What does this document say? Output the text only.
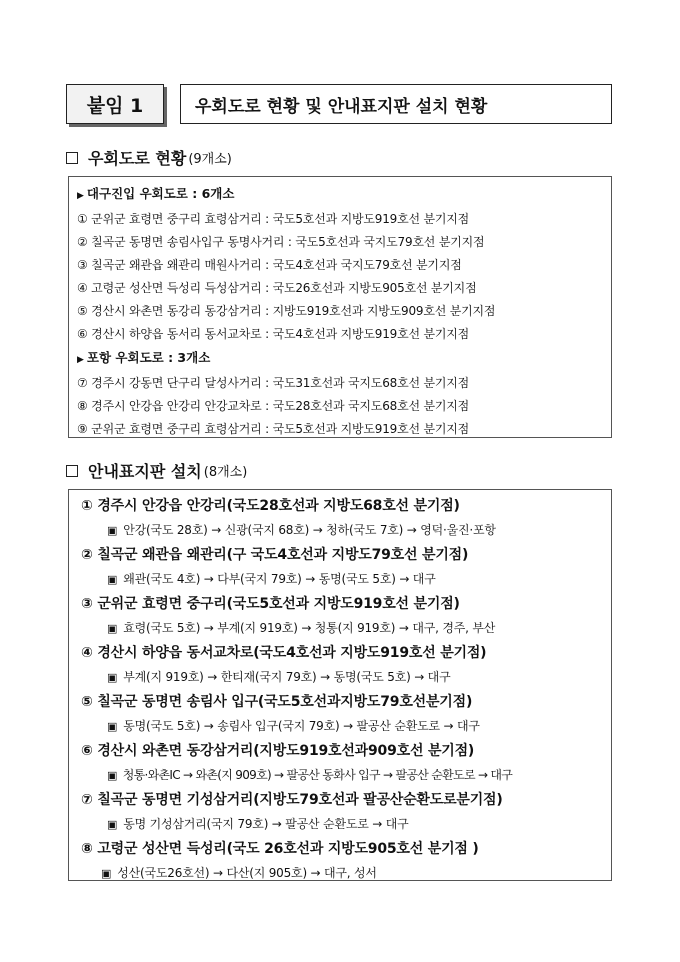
붙임 1	우회도로 현황 및 안내표지판 설치 현황
우회도로 현황 (9개소)
▶ 대구진입 우회도로 : 6개소
① 군위군 효령면 중구리 효령삼거리 : 국도5호선과 지방도919호선 분기지점
② 칠곡군 동명면 송림사입구 동명사거리 : 국도5호선과 국지도79호선 분기지점
③ 칠곡군 왜관읍 왜관리 매원사거리 : 국도4호선과 국지도79호선 분기지점
④ 고령군 성산면 득성리 득성삼거리 : 국도26호선과 지방도905호선 분기지점
⑤ 경산시 와촌면 동강리 동강삼거리 : 지방도919호선과 지방도909호선 분기지점
⑥ 경산시 하양읍 동서리 동서교차로 : 국도4호선과 지방도919호선 분기지점
▶ 포항 우회도로 : 3개소
⑦ 경주시 강동면 단구리 달성사거리 : 국도31호선과 국지도68호선 분기지점
⑧ 경주시 안강읍 안강리 안강교차로 : 국도28호선과 국지도68호선 분기지점
⑨ 군위군 효령면 중구리 효령삼거리 : 국도5호선과 지방도919호선 분기지점
안내표지판 설치 (8개소)
① 경주시 안강읍 안강리(국도28호선과 지방도68호선 분기점)
▣ 안강(국도 28호) → 신광(국지 68호) → 청하(국도 7호) → 영덕·울진·포항
② 칠곡군 왜관읍 왜관리(구 국도4호선과 지방도79호선 분기점)
▣ 왜관(국도 4호) → 다부(국지 79호) → 동명(국도 5호) → 대구
③ 군위군 효령면 중구리(국도5호선과 지방도919호선 분기점)
▣ 효령(국도 5호) → 부계(지 919호) → 청통(지 919호) → 대구, 경주, 부산
④ 경산시 하양읍 동서교차로(국도4호선과 지방도919호선 분기점)
▣ 부계(지 919호) → 한티재(국지 79호) → 동명(국도 5호) → 대구
⑤ 칠곡군 동명면 송림사 입구(국도5호선과지방도79호선분기점)
▣ 동명(국도 5호) → 송림사 입구(국지 79호) → 팔공산 순환도로 → 대구
⑥ 경산시 와촌면 동강삼거리(지방도919호선과909호선 분기점)
▣ 청통·와촌IC → 와촌(지 909호) → 팔공산 동화사 입구 → 팔공산 순환도로 → 대구
⑦ 칠곡군 동명면 기성삼거리(지방도79호선과 팔공산순환도로분기점)
▣ 동명 기성삼거리(국지 79호) → 팔공산 순환도로 → 대구
⑧ 고령군 성산면 득성리(국도 26호선과 지방도905호선 분기점 )
▣ 성산(국도26호선) → 다산(지 905호) → 대구, 성서
